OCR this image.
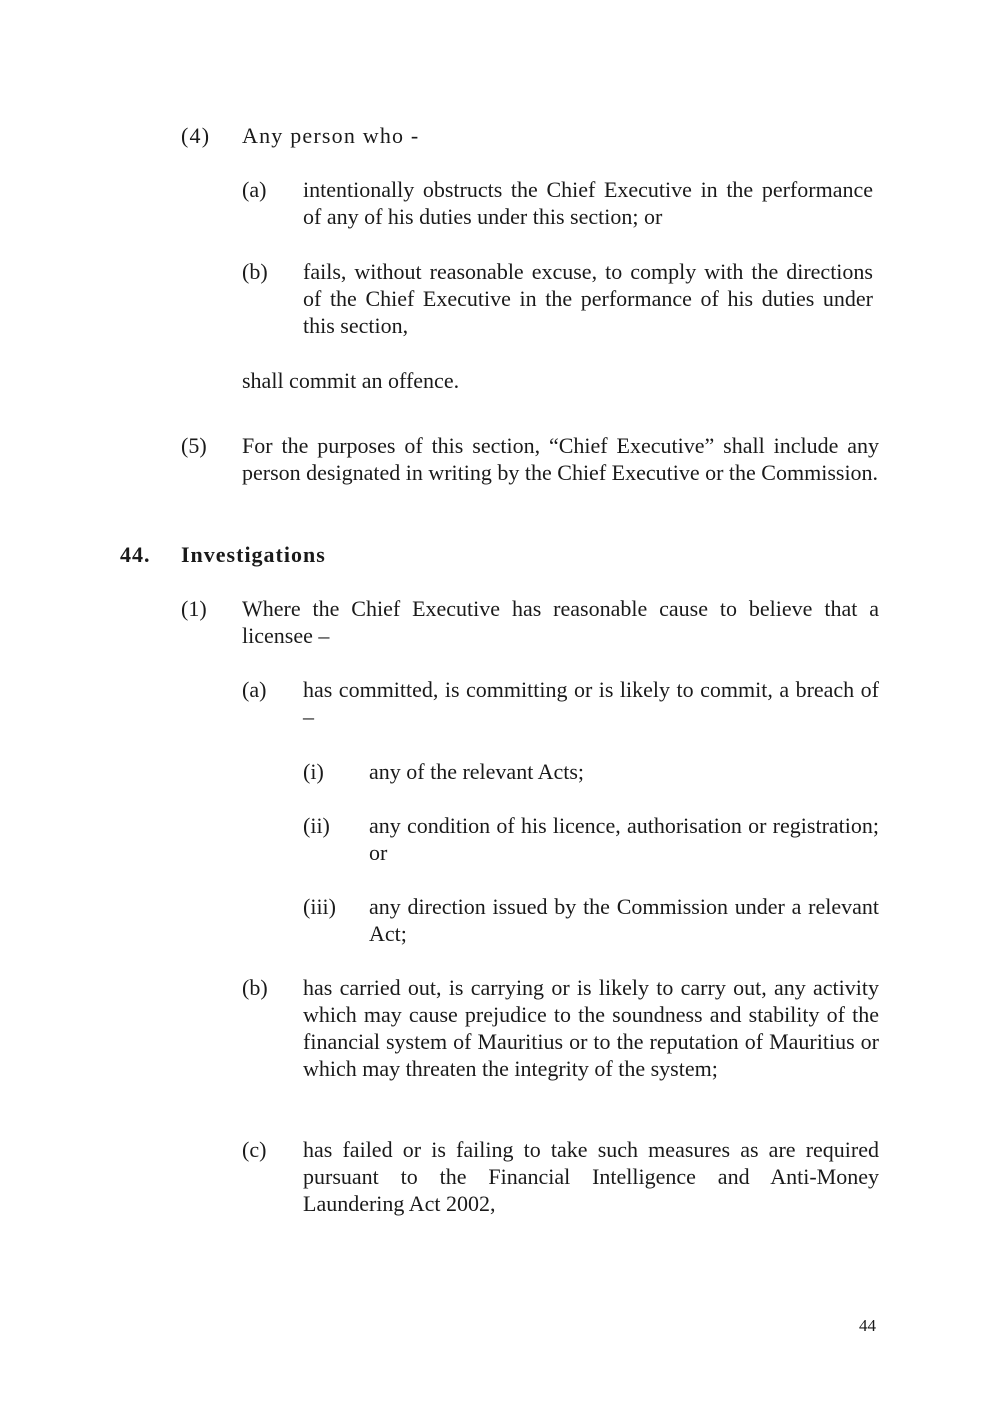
(4) Any person who -
(a) intentionally obstructs the Chief Executive in the performance of any of his duties under this section; or
(b) fails, without reasonable excuse, to comply with the directions of the Chief Executive in the performance of his duties under this section,
shall commit an offence.
(5) For the purposes of this section, “Chief Executive” shall include any person designated in writing by the Chief Executive or the Commission.
44. Investigations
(1) Where the Chief Executive has reasonable cause to believe that a licensee –
(a) has committed, is committing or is likely to commit, a breach of –
(i) any of the relevant Acts;
(ii) any condition of his licence, authorisation or registration; or
(iii) any direction issued by the Commission under a relevant Act;
(b) has carried out, is carrying or is likely to carry out, any activity which may cause prejudice to the soundness and stability of the financial system of Mauritius or to the reputation of Mauritius or which may threaten the integrity of the system;
(c) has failed or is failing to take such measures as are required pursuant to the Financial Intelligence and Anti-Money Laundering Act 2002,
44
